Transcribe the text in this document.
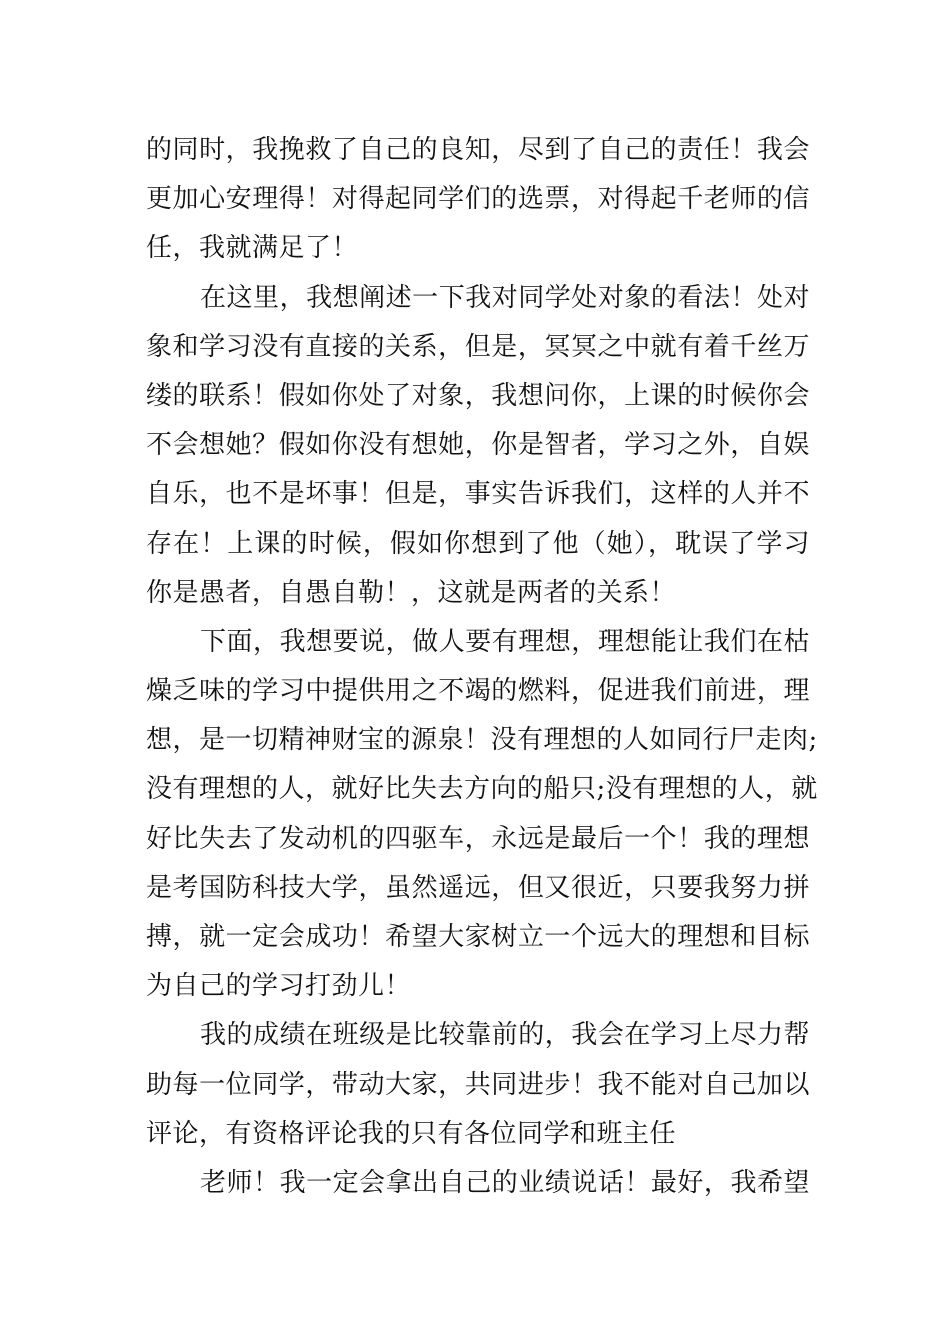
的同时，我挽救了自己的良知，尽到了自己的责任！我会
更加心安理得！对得起同学们的选票，对得起千老师的信
任，我就满足了！
在这里，我想阐述一下我对同学处对象的看法！处对
象和学习没有直接的关系，但是，冥冥之中就有着千丝万
缕的联系！假如你处了对象，我想问你，上课的时候你会
不会想她？假如你没有想她，你是智者，学习之外，自娱
自乐，也不是坏事！但是，事实告诉我们，这样的人并不
存在！上课的时候，假如你想到了他（她），耽误了学习
你是愚者，自愚自勒！，这就是两者的关系！
下面，我想要说，做人要有理想，理想能让我们在枯
燥乏味的学习中提供用之不竭的燃料，促进我们前进，理
想，是一切精神财宝的源泉！没有理想的人如同行尸走肉;
没有理想的人，就好比失去方向的船只;没有理想的人，就
好比失去了发动机的四驱车，永远是最后一个！我的理想
是考国防科技大学，虽然遥远，但又很近，只要我努力拼
搏，就一定会成功！希望大家树立一个远大的理想和目标
为自己的学习打劲儿！
我的成绩在班级是比较靠前的，我会在学习上尽力帮
助每一位同学，带动大家，共同进步！我不能对自己加以
评论，有资格评论我的只有各位同学和班主任
老师！我一定会拿出自己的业绩说话！最好，我希望
